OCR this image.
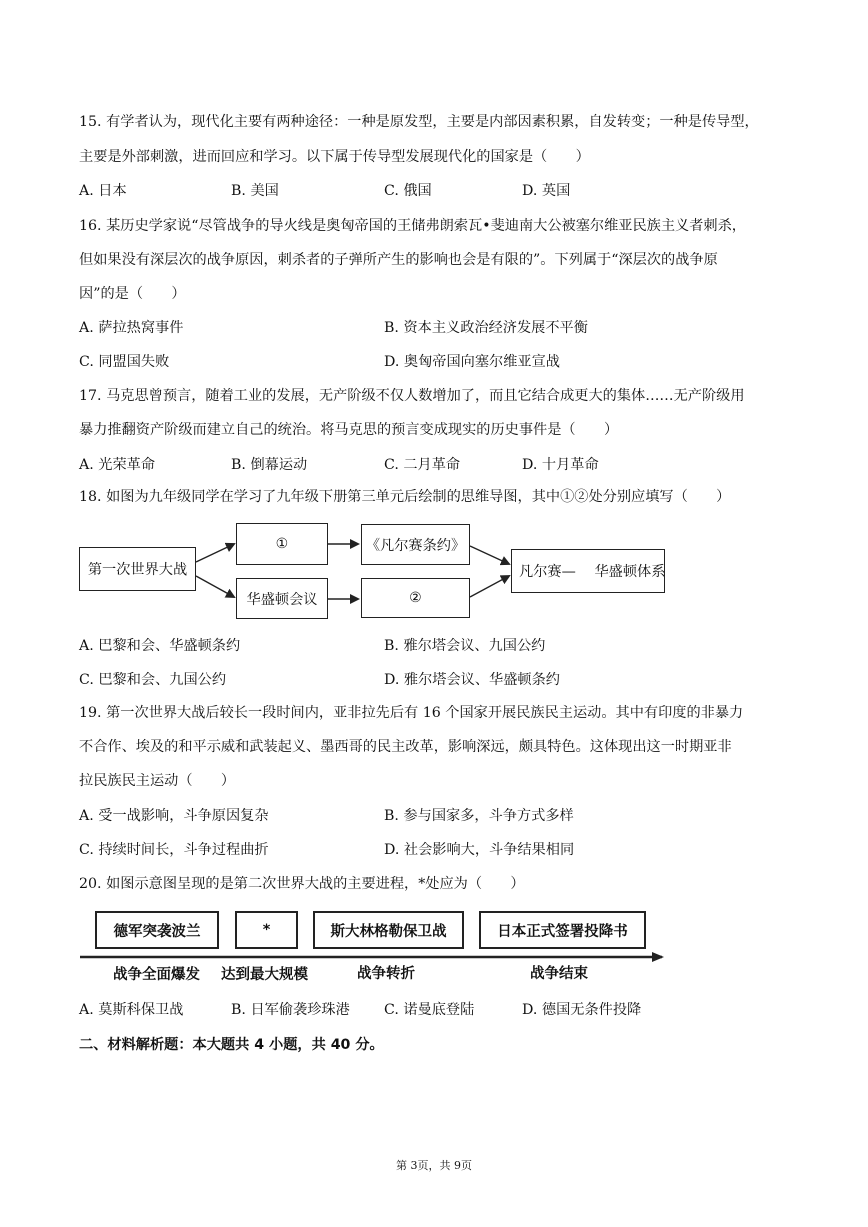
15. 有学者认为，现代化主要有两种途径：一种是原发型，主要是内部因素积累，自发转变；一种是传导型，
主要是外部刺激，进而回应和学习。以下属于传导型发展现代化的国家是（　　）
A. 日本	B. 美国	C. 俄国	D. 英国
16. 某历史学家说“尽管战争的导火线是奥匈帝国的王储弗朗索瓦•斐迪南大公被塞尔维亚民族主义者刺杀，
但如果没有深层次的战争原因，刺杀者的子弹所产生的影响也会是有限的”。下列属于“深层次的战争原
因”的是（　　）
A. 萨拉热窝事件	B. 资本主义政治经济发展不平衡
C. 同盟国失败	D. 奥匈帝国向塞尔维亚宣战
17. 马克思曾预言，随着工业的发展，无产阶级不仅人数增加了，而且它结合成更大的集体……无产阶级用
暴力推翻资产阶级而建立自己的统治。将马克思的预言变成现实的历史事件是（　　）
A. 光荣革命	B. 倒幕运动	C. 二月革命	D. 十月革命
18. 如图为九年级同学在学习了九年级下册第三单元后绘制的思维导图，其中①②处分别应填写（　　）
第一次世界大战
①	《凡尔赛条约》
华盛顿会议	②
凡尔赛— 　华盛顿体系
A. 巴黎和会、华盛顿条约	B. 雅尔塔会议、九国公约
C. 巴黎和会、九国公约	D. 雅尔塔会议、华盛顿条约
19. 第一次世界大战后较长一段时间内，亚非拉先后有 16 个国家开展民族民主运动。其中有印度的非暴力
不合作、埃及的和平示威和武装起义、墨西哥的民主改革，影响深远，颇具特色。这体现出这一时期亚非
拉民族民主运动（　　）
A. 受一战影响，斗争原因复杂	B. 参与国家多，斗争方式多样
C. 持续时间长，斗争过程曲折	D. 社会影响大，斗争结果相同
20. 如图示意图呈现的是第二次世界大战的主要进程，*处应为（　　）
德军突袭波兰	*	斯大林格勒保卫战	日本正式签署投降书
战争全面爆发 达到最大规模	战争转折	战争结束
A. 莫斯科保卫战	B. 日军偷袭珍珠港 C. 诺曼底登陆	D. 德国无条件投降
二、材料解析题：本大题共 4 小题，共 40 分。
第 3页，共 9页
